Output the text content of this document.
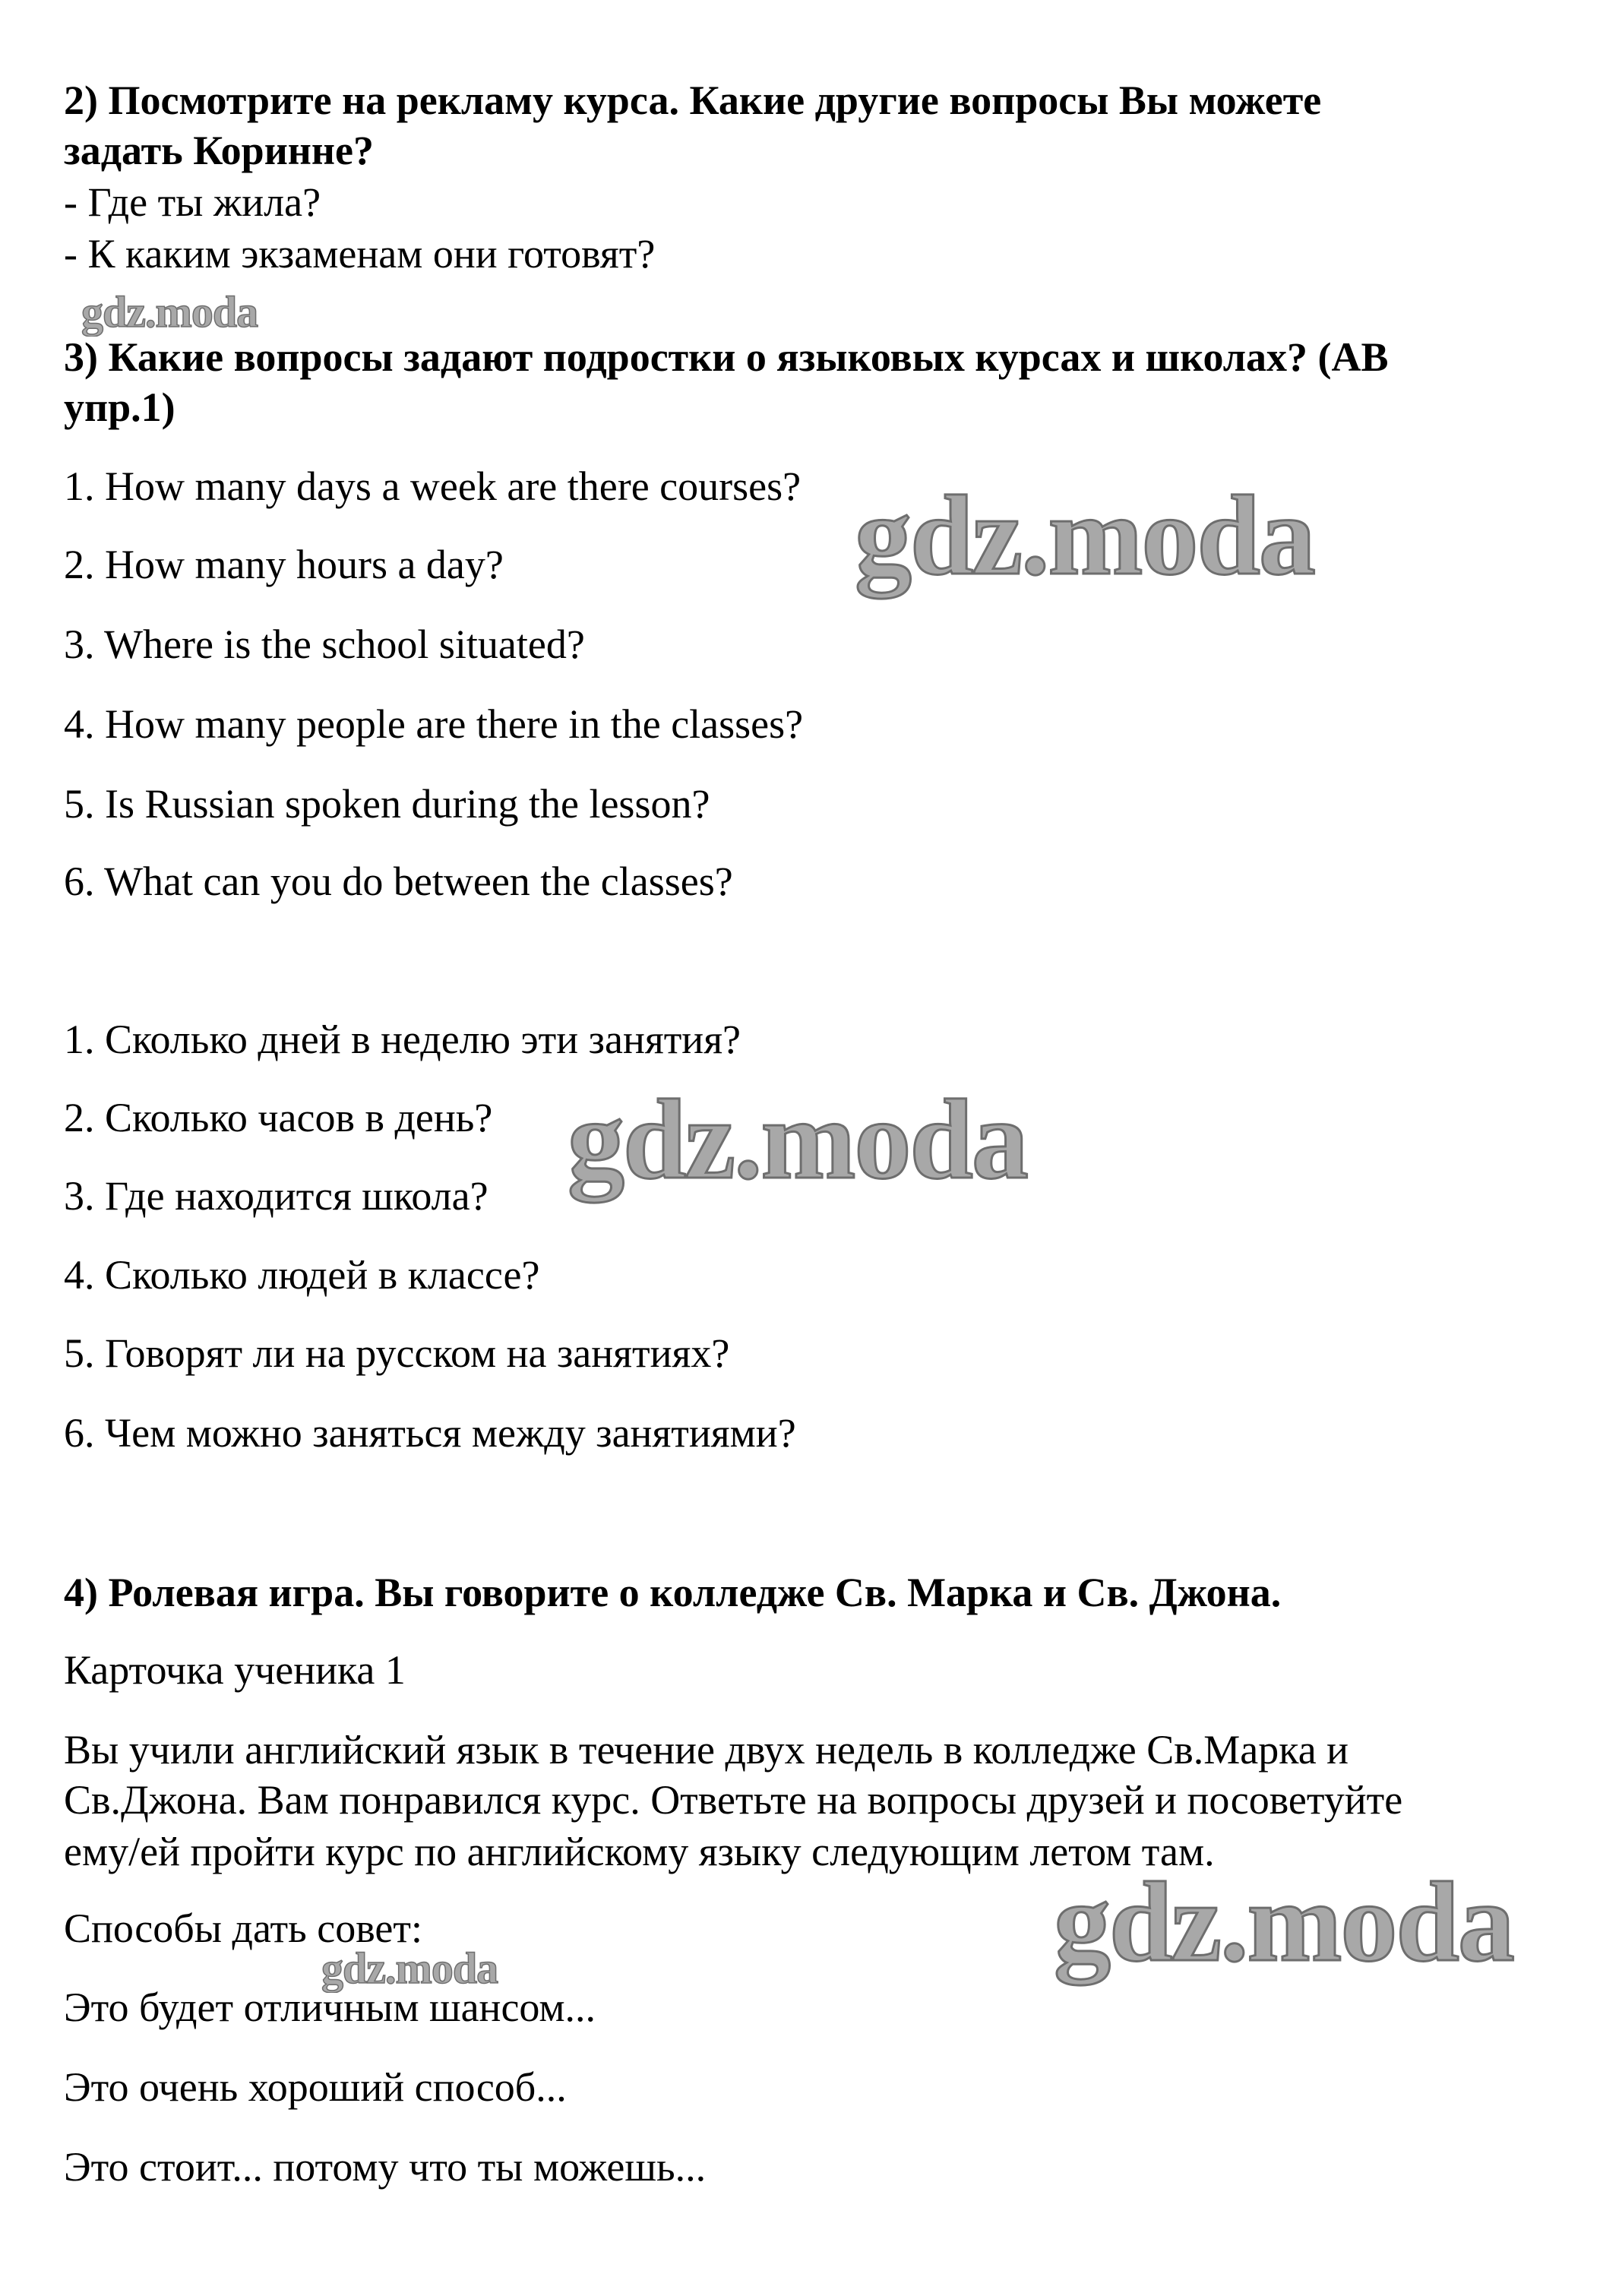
2) Посмотрите на рекламу курса. Какие другие вопросы Вы можете
задать Коринне?
- Где ты жила?
- К каким экзаменам они готовят?
3) Какие вопросы задают подростки о языковых курсах и школах? (АВ
упр.1)
1. How many days a week are there courses?
2. How many hours a day?
3. Where is the school situated?
4. How many people are there in the classes?
5. Is Russian spoken during the lesson?
6. What can you do between the classes?
1. Сколько дней в неделю эти занятия?
2. Сколько часов в день?
3. Где находится школа?
4. Сколько людей в классе?
5. Говорят ли на русском на занятиях?
6. Чем можно заняться между занятиями?
4) Ролевая игра. Вы говорите о колледже Св. Марка и Св. Джона.
Карточка ученика 1
Вы учили английский язык в течение двух недель в колледже Св.Марка и
Св.Джона. Вам понравился курс. Ответьте на вопросы друзей и посоветуйте
ему/ей пройти курс по английскому языку следующим летом там.
Способы дать совет:
Это будет отличным шансом...
Это очень хороший способ...
Это стоит... потому что ты можешь...
gdz.moda
gdz.moda
gdz.moda
gdz.moda
gdz.moda
